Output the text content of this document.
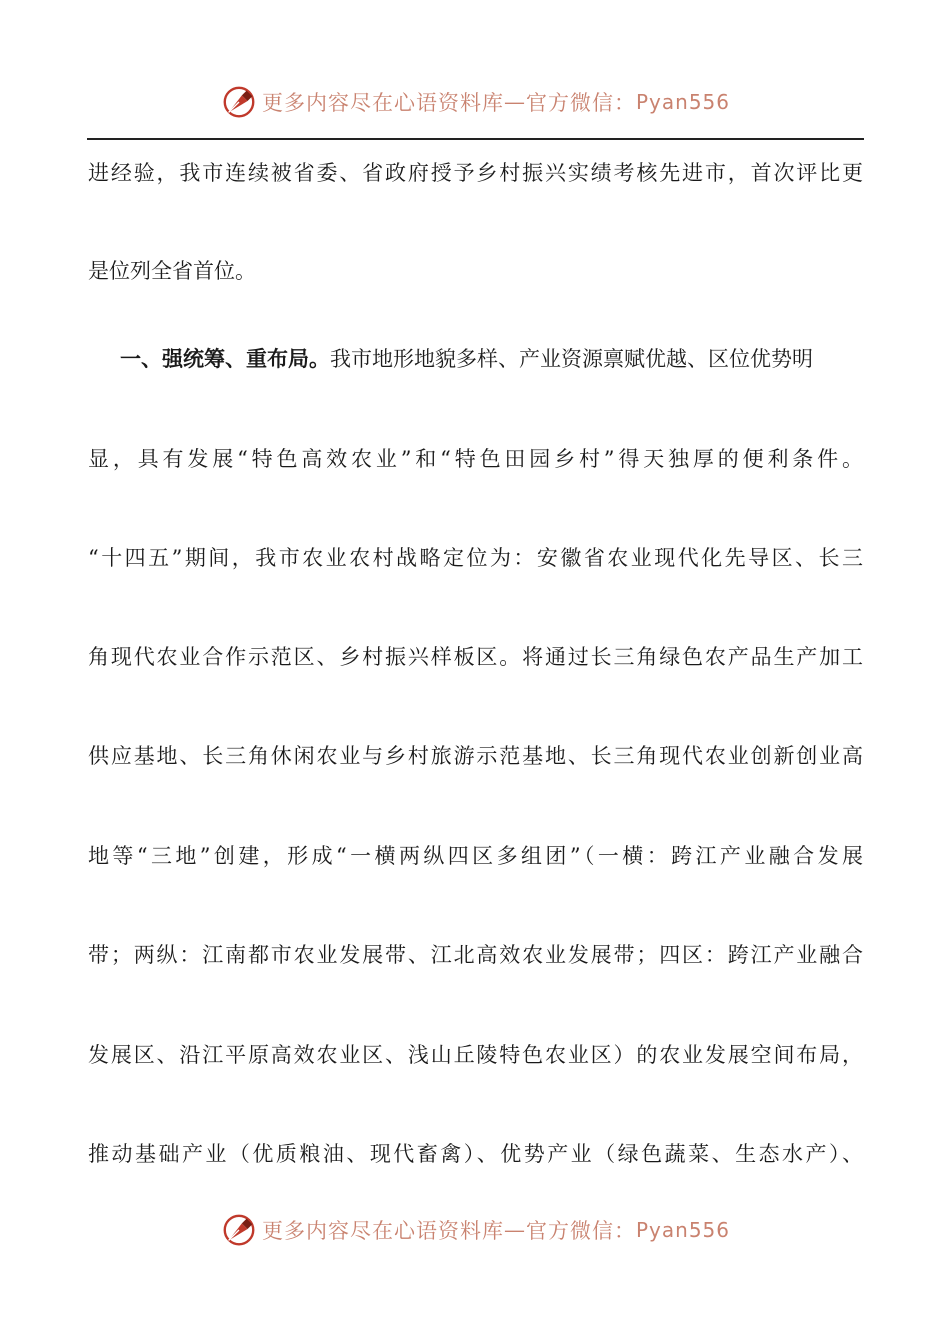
更多内容尽在心语资料库 — 官方微信： Pyan556
进经验，我市连续被省委、省政府授予乡村振兴实绩考核先进市，首次评比更
是位列全省首位。
一、强统筹、重布局。我市地形地貌多样、产业资源禀赋优越、区位优势明
显，具有发展“特色高效农业”和“特色田园乡村”得天独厚的便利条件。
“十四五”期间，我市农业农村战略定位为：安徽省农业现代化先导区、长三
角现代农业合作示范区、乡村振兴样板区。将通过长三角绿色农产品生产加工
供应基地、长三角休闲农业与乡村旅游示范基地、长三角现代农业创新创业高
地等“三地”创建，形成“一横两纵四区多组团”（一横：跨江产业融合发展
带；两纵：江南都市农业发展带、江北高效农业发展带；四区：跨江产业融合
发展区、沿江平原高效农业区、浅山丘陵特色农业区）的农业发展空间布局，
推动基础产业（优质粮油、现代畜禽）、优势产业（绿色蔬菜、生态水产）、
更多内容尽在心语资料库 — 官方微信： Pyan556
